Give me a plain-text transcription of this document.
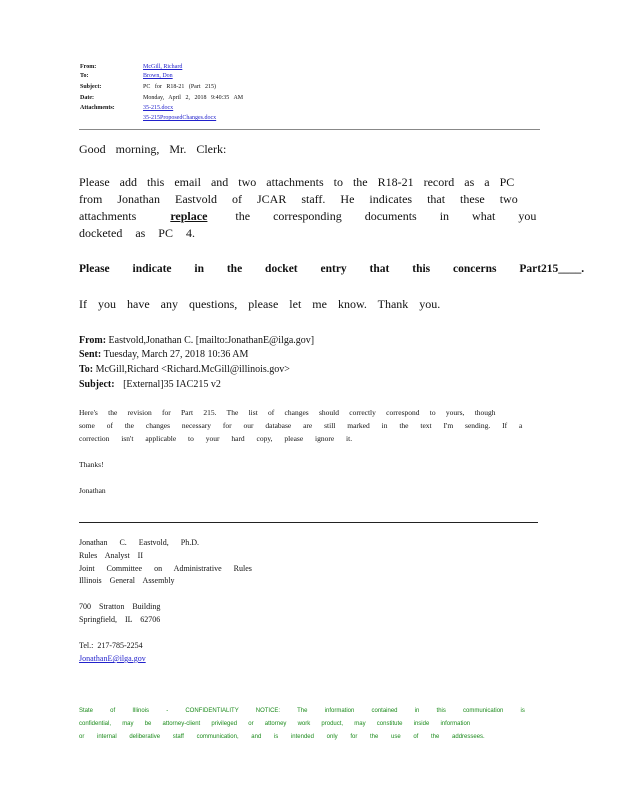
From:	McGill, Richard
To:	Brown, Don
Subject:	PC for R18-21 (Part 215)
Date:	Monday, April 2, 2018 9:40:35 AM
Attachments:	35-215.docx
35-215ProposedChanges.docx
Good morning, Mr. Clerk:
Please add this email and two attachments to the R18-21 record as a PC
from Jonathan Eastvold of JCAR staff. He indicates that these two
attachments	replace the corresponding documents in what you
docketed as PC 4.
Please indicate in the docket entry that this concerns Part215____.
If you have any questions, please let me know. Thank you.
From: Eastvold,Jonathan C. [mailto:JonathanE@ilga.gov]
Sent: Tuesday, March 27, 2018 10:36 AM
To: McGill,Richard <Richard.McGill@illinois.gov>
Subject: [External]35 IAC215 v2
Here's the revision for Part 215. The list of changes should correctly correspond to yours, though
some of the changes necessary for our database are still marked in the text I'm sending. If a
correction isn't applicable to your hard copy, please ignore it.
Thanks!
Jonathan
Jonathan C. Eastvold, Ph.D.
Rules Analyst II
Joint Committee on Administrative Rules
Illinois General Assembly
700 Stratton Building
Springfield, IL 62706
Tel.: 217-785-2254
JonathanE@ilga.gov
State of Illinois - CONFIDENTIALITY NOTICE: The information contained in this communication is
confidential, may be attorney-client privileged or attorney work product, may constitute inside information
or internal deliberative staff communication, and is intended only for the use of the addressees.
